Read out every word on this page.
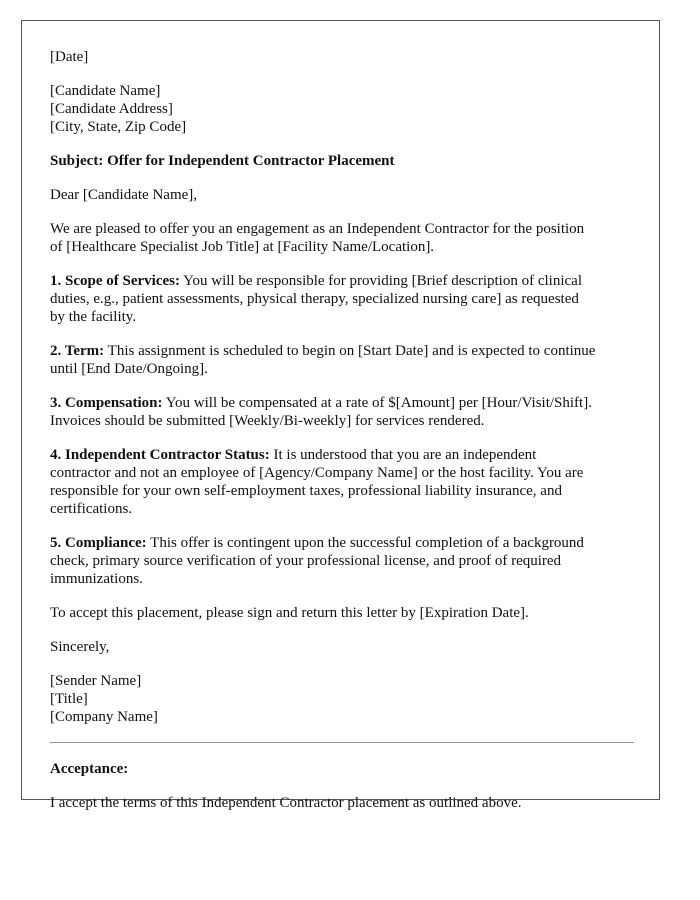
[Date]
[Candidate Name]
[Candidate Address]
[City, State, Zip Code]
Subject: Offer for Independent Contractor Placement
Dear [Candidate Name],
We are pleased to offer you an engagement as an Independent Contractor for the position
of [Healthcare Specialist Job Title] at [Facility Name/Location].
1. Scope of Services: You will be responsible for providing [Brief description of clinical
duties, e.g., patient assessments, physical therapy, specialized nursing care] as requested
by the facility.
2. Term: This assignment is scheduled to begin on [Start Date] and is expected to continue
until [End Date/Ongoing].
3. Compensation: You will be compensated at a rate of $[Amount] per [Hour/Visit/Shift].
Invoices should be submitted [Weekly/Bi-weekly] for services rendered.
4. Independent Contractor Status: It is understood that you are an independent
contractor and not an employee of [Agency/Company Name] or the host facility. You are
responsible for your own self-employment taxes, professional liability insurance, and
certifications.
5. Compliance: This offer is contingent upon the successful completion of a background
check, primary source verification of your professional license, and proof of required
immunizations.
To accept this placement, please sign and return this letter by [Expiration Date].
Sincerely,
[Sender Name]
[Title]
[Company Name]
Acceptance:
I accept the terms of this Independent Contractor placement as outlined above.
